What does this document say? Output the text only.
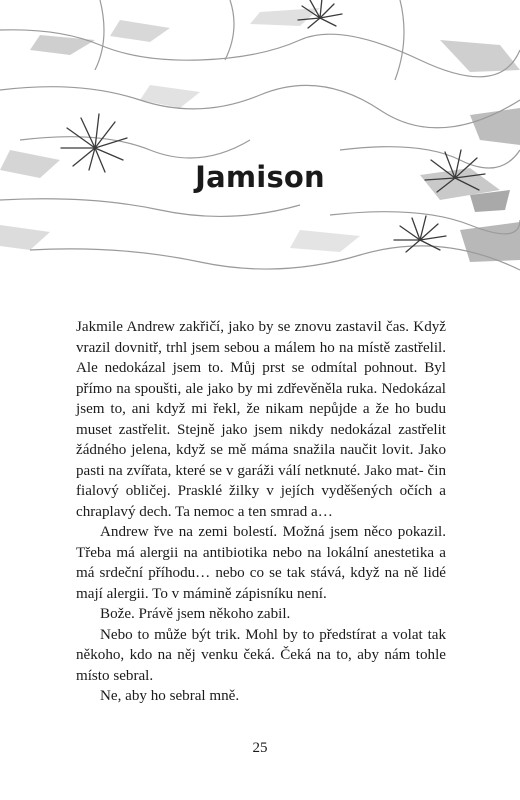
Jamison

Jakmile Andrew zakřičí, jako by se znovu zastavil čas. Když vrazil dovnitř, trhl jsem sebou a málem ho na místě zastřelil. Ale nedokázal jsem to. Můj prst se odmítal pohnout. Byl přímo na spoušti, ale jako by mi zdřevěněla ruka. Nedokázal jsem to, ani když mi řekl, že nikam nepůjde a že ho budu muset zastřelit. Stejně jako jsem nikdy nedokázal zastřelit žádného jelena, když se mě máma snažila naučit lovit. Jako pasti na zvířata, které se v garáži válí netknuté. Jako mat- čin fialový obličej. Prasklé žilky v jejích vyděšených očích a chraplavý dech. Ta nemoc a ten smrad a…

Andrew řve na zemi bolestí. Možná jsem něco pokazil. Třeba má alergii na antibiotika nebo na lokální anestetika a má srdeční příhodu… nebo co se tak stává, když na ně lidé mají alergii. To v mámině zápisníku není.

Bože. Právě jsem někoho zabil.

Nebo to může být trik. Mohl by to předstírat a volat tak někoho, kdo na něj venku čeká. Čeká na to, aby nám tohle místo sebral.

Ne, aby ho sebral mně.

25
